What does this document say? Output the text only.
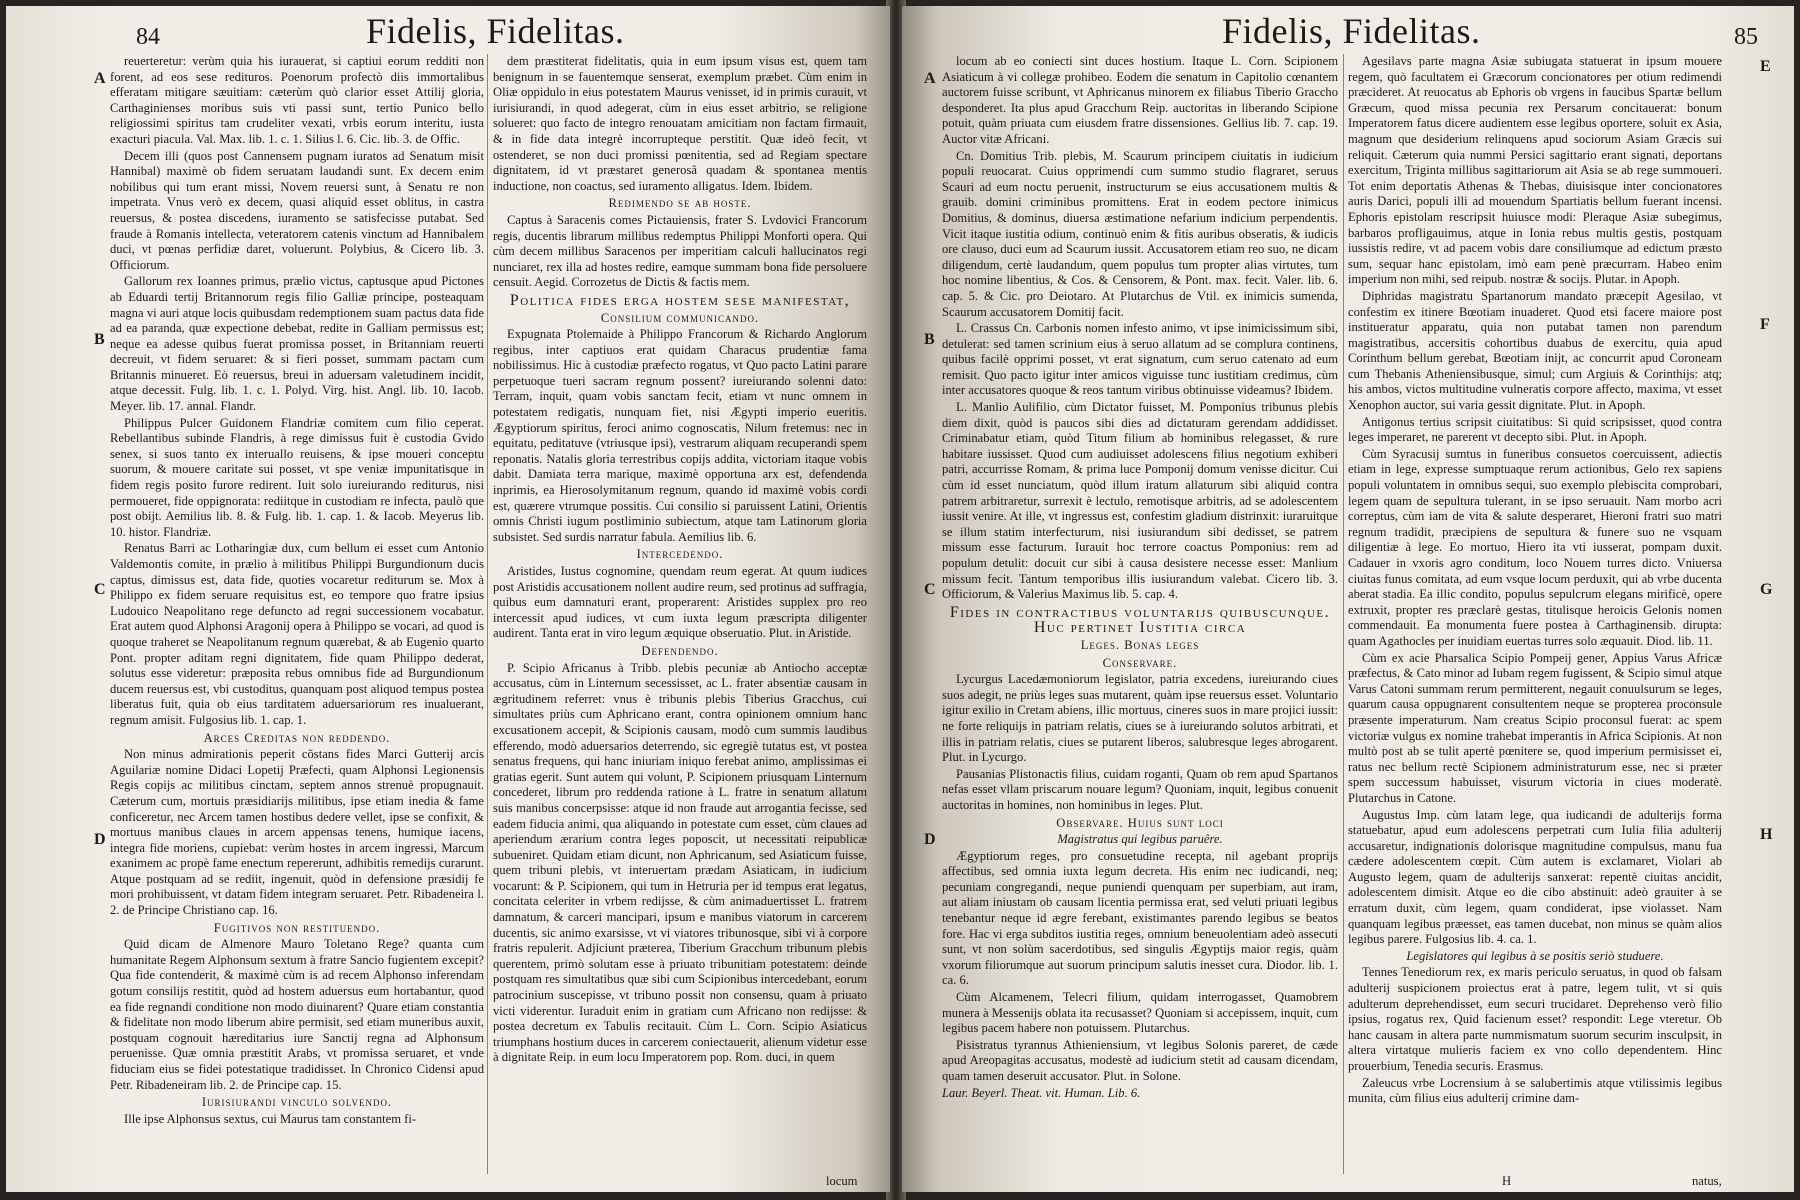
84	Fidelis, Fidelitas.
A
B
C
D

reuerteretur: verùm quia his iurauerat, si captiui eorum redditi non forent, ad eos sese redituros. Poenorum profectò diis immortalibus efferatam mitigare sæuitiam: cæterùm quò clarior esset Attilij gloria, Carthaginienses moribus suis vti passi sunt, tertio Punico bello religiossimi spiritus tam crudeliter vexati, vrbis eorum interitu, iusta exacturi piacula. Val. Max. lib. 1. c. 1. Silius l. 6. Cic. lib. 3. de Offic.

Decem illi (quos post Cannensem pugnam iuratos ad Senatum misit Hannibal) maximè ob fidem seruatam laudandi sunt. Ex decem enim nobilibus qui tum erant missi, Novem reuersi sunt, à Senatu re non impetrata. Vnus verò ex decem, quasi aliquid esset oblitus, in castra reuersus, & postea discedens, iuramento se satisfecisse putabat. Sed fraude à Romanis intellecta, veteratorem catenis vinctum ad Hannibalem duci, vt pœnas perfidiæ daret, voluerunt. Polybius, & Cicero lib. 3. Officiorum.

Gallorum rex Ioannes primus, prælio victus, captusque apud Pictones ab Eduardi tertij Britannorum regis filio Galliæ principe, posteaquam magna vi auri atque locis quibusdam redemptionem suam pactus data fide ad ea paranda, quæ expectione debebat, redite in Galliam permissus est; neque ea adesse quibus fuerat promissa posset, in Britanniam reuerti decreuit, vt fidem seruaret: & si fieri posset, summam pactam cum Britannis minueret. Eò reuersus, breui in aduersam valetudinem incidit, atque decessit. Fulg. lib. 1. c. 1. Polyd. Virg. hist. Angl. lib. 10. Iacob. Meyer. lib. 17. annal. Flandr.

Philippus Pulcer Guidonem Flandriæ comitem cum filio ceperat. Rebellantibus subinde Flandris, à rege dimissus fuit è custodia Gvido senex, si suos tanto ex interuallo reuisens, & ipse moueri conceptu suorum, & mouere caritate sui posset, vt spe veniæ impunitatisque in fidem regis posito furore redirent. Iuit solo iureiurando rediturus, nisi permoueret, fide oppignorata: rediitque in custodiam re infecta, paulò que post obijt. Aemilius lib. 8. & Fulg. lib. 1. cap. 1. & Iacob. Meyerus lib. 10. histor. Flandriæ.

Renatus Barri ac Lotharingiæ dux, cum bellum ei esset cum Antonio Valdemontis comite, in prælio à militibus Philippi Burgundionum ducis captus, dimissus est, data fide, quoties vocaretur rediturum se. Mox à Philippo ex fidem seruare requisitus est, eo tempore quo fratre ipsius Ludouico Neapolitano rege defuncto ad regni successionem vocabatur. Erat autem quod Alphonsi Aragonij opera à Philippo se vocari, ad quod is quoque traheret se Neapolitanum regnum quærebat, & ab Eugenio quarto Pont. propter aditam regni dignitatem, fide quam Philippo dederat, solutus esse videretur: præposita rebus omnibus fide ad Burgundionum ducem reuersus est, vbi custoditus, quanquam post aliquod tempus postea liberatus fuit, quia ob eius tarditatem aduersariorum res inualuerant, regnum amisit. Fulgosius lib. 1. cap. 1.

Arces Creditas non reddendo.

Non minus admirationis peperit cõstans fides Marci Gutterij arcis Aguilariæ nomine Didaci Lopetij Præfecti, quam Alphonsi Legionensis Regis copijs ac militibus cinctam, septem annos strenuè propugnauit. Cæterum cum, mortuis præsidiarijs militibus, ipse etiam inedia & fame conficeretur, nec Arcem tamen hostibus dedere vellet, ipse se confixit, & mortuus manibus claues in arcem appensas tenens, humique iacens, integra fide moriens, cupiebat: verùm hostes in arcem ingressi, Marcum exanimem ac propè fame enectum repererunt, adhibitis remedijs curarunt. Atque postquam ad se rediit, ingenuit, quòd in defensione præsidij fe mori prohibuissent, vt datam fidem integram seruaret. Petr. Ribadeneira l. 2. de Principe Christiano cap. 16.

Fugitivos non restituendo.

Quid dicam de Almenore Mauro Toletano Rege? quanta cum humanitate Regem Alphonsum sextum à fratre Sancio fugientem excepit? Qua fide contenderit, & maximè cùm is ad recem Alphonso inferendam gotum consilijs restitit, quòd ad hostem aduersus eum hortabantur, quod ea fide regnandi conditione non modo diuinarent? Quare etiam constantia & fidelitate non modo liberum abire permisit, sed etiam muneribus auxit, postquam cognouit hæreditarius iure Sanctij regna ad Alphonsum peruenisse. Quæ omnia præstitit Arabs, vt promissa seruaret, et vnde fiduciam eius se fidei potestatique tradidisset. In Chronico Cidensi apud Petr. Ribadeneiram lib. 2. de Principe cap. 15.

Iurisiurandi vinculo solvendo.

Ille ipse Alphonsus sextus, cui Maurus tam constantem fi-

dem præstiterat fidelitatis, quia in eum ipsum visus est, quem tam benignum in se fauentemque senserat, exemplum præbet. Cùm enim in Oliæ oppidulo in eius potestatem Maurus venisset, id in primis curauit, vt iurisiurandi, in quod adegerat, cùm in eius esset arbitrio, se religione solueret: quo facto de integro renouatam amicitiam non factam firmauit, & in fide data integrè incorrupteque perstitit. Quæ ideò fecit, vt ostenderet, se non duci promissi pœnitentia, sed ad Regiam spectare dignitatem, id vt præstaret generosâ quadam & spontanea mentis inductione, non coactus, sed iuramento alligatus. Idem. Ibidem.

Redimendo se ab hoste.

Captus à Saracenis comes Pictauiensis, frater S. Lvdovici Francorum regis, ducentis librarum millibus redemptus Philippi Monforti opera. Qui cùm decem millibus Saracenos per imperitiam calculi hallucinatos regi nunciaret, rex illa ad hostes redire, eamque summam bona fide persoluere censuit. Aegid. Corrozetus de Dictis & factis mem.

Politica fides erga hostem sese manifestat,

Consilium communicando.

Expugnata Ptolemaide à Philippo Francorum & Richardo Anglorum regibus, inter captiuos erat quidam Characus prudentiæ fama nobilissimus. Hic à custodiæ præfecto rogatus, vt Quo pacto Latini parare perpetuoque tueri sacram regnum possent? iureiurando solenni dato: Terram, inquit, quam vobis sanctam fecit, etiam vt nunc omnem in potestatem redigatis, nunquam fiet, nisi Ægypti imperio eueritis. Ægyptiorum spiritus, feroci animo cognoscatis, Nilum fretemus: nec in equitatu, peditatuve (vtriusque ipsi), vestrarum aliquam recuperandi spem reponatis. Natalis gloria terrestribus copijs addita, victoriam itaque vobis dabit. Damiata terra marique, maximè opportuna arx est, defendenda inprimis, ea Hierosolymitanum regnum, quando id maximè vobis cordi est, quærere vtrumque possitis. Cui consilio si paruissent Latini, Orientis omnis Christi iugum postliminio subiectum, atque tam Latinorum gloria subsistet. Sed surdis narratur fabula. Aemilius lib. 6.

Intercedendo.

Aristides, Iustus cognomine, quendam reum egerat. At quum iudices post Aristidis accusationem nollent audire reum, sed protinus ad suffragia, quibus eum damnaturi erant, properarent: Aristides supplex pro reo intercessit apud iudices, vt cum iuxta legum præscripta diligenter audirent. Tanta erat in viro legum æquique obseruatio. Plut. in Aristide.

Defendendo.

P. Scipio Africanus à Tribb. plebis pecuniæ ab Antiocho acceptæ accusatus, cùm in Linternum secessisset, ac L. frater absentiæ causam in ægritudinem referret: vnus è tribunis plebis Tiberius Gracchus, cui simultates priùs cum Aphricano erant, contra opinionem omnium hanc excusationem accepit, & Scipionis causam, modò cum summis laudibus efferendo, modò aduersarios deterrendo, sic egregiè tutatus est, vt postea senatus frequens, qui hanc iniuriam iniquo ferebat animo, amplissimas ei gratias egerit. Sunt autem qui volunt, P. Scipionem priusquam Linternum concederet, librum pro reddenda ratione à L. fratre in senatum allatum suis manibus concerpsisse: atque id non fraude aut arrogantia fecisse, sed eadem fiducia animi, qua aliquando in potestate cum esset, cùm claues ad aperiendum ærarium contra leges poposcit, ut necessitati reipublicæ subueniret. Quidam etiam dicunt, non Aphricanum, sed Asiaticum fuisse, quem tribuni plebis, vt interuertam prædam Asiaticam, in iudicium vocarunt: & P. Scipionem, qui tum in Hetruria per id tempus erat legatus, concitata celeriter in vrbem redijsse, & cùm animaduertisset L. fratrem damnatum, & carceri mancipari, ipsum e manibus viatorum in carcerem ducentis, sic animo exarsisse, vt vi viatores tribunosque, sibi vi à corpore fratris repulerit. Adjiciunt præterea, Tiberium Gracchum tribunum plebis querentem, primò solutam esse à priuato tribunitiam potestatem: deinde postquam res simultatibus quæ sibi cum Scipionibus intercedebant, eorum patrocinium suscepisse, vt tribuno possit non consensu, quam à priuato victi viderentur. Iuraduit enim in gratiam cum Africano non redijsse: & postea decretum ex Tabulis recitauit. Cùm L. Corn. Scipio Asiaticus triumphans hostium duces in carcerem coniectauerit, alienum videtur esse à dignitate Reip. in eum locu Imperatorem pop. Rom. duci, in quem

locum
Fidelis, Fidelitas.	85
A
B
C
D
E
F
G
H

locum ab eo coniecti sint duces hostium. Itaque L. Corn. Scipionem Asiaticum à vi collegæ prohibeo. Eodem die senatum in Capitolio cœnantem auctorem fuisse scribunt, vt Aphricanus minorem ex filiabus Tiberio Graccho desponderet. Ita plus apud Gracchum Reip. auctoritas in liberando Scipione potuit, quàm priuata cum eiusdem fratre dissensiones. Gellius lib. 7. cap. 19. Auctor vitæ Africani.

Cn. Domitius Trib. plebis, M. Scaurum principem ciuitatis in iudicium populi reuocarat. Cuius opprimendi cum summo studio flagraret, seruus Scauri ad eum noctu peruenit, instructurum se eius accusationem multis & grauib. domini criminibus promittens. Erat in eodem pectore inimicus Domitius, & dominus, diuersa æstimatione nefarium indicium perpendentis. Vicit itaque iustitia odium, continuò enim & fitis auribus obseratis, & iudicis ore clauso, duci eum ad Scaurum iussit. Accusatorem etiam reo suo, ne dicam diligendum, certè laudandum, quem populus tum propter alias virtutes, tum hoc nomine libentius, & Cos. & Censorem, & Pont. max. fecit. Valer. lib. 6. cap. 5. & Cic. pro Deiotaro. At Plutarchus de Vtil. ex inimicis sumenda, Scaurum accusatorem Domitij facit.

L. Crassus Cn. Carbonis nomen infesto animo, vt ipse inimicissimum sibi, detulerat: sed tamen scrinium eius à seruo allatum ad se complura continens, quibus facilè opprimi posset, vt erat signatum, cum seruo catenato ad eum remisit. Quo pacto igitur inter amicos viguisse tunc iustitiam credimus, cùm inter accusatores quoque & reos tantum viribus obtinuisse videamus? Ibidem.

L. Manlio Aulifilio, cùm Dictator fuisset, M. Pomponius tribunus plebis diem dixit, quòd is paucos sibi dies ad dictaturam gerendam addidisset. Criminabatur etiam, quòd Titum filium ab hominibus relegasset, & rure habitare iussisset. Quod cum audiuisset adolescens filius negotium exhiberi patri, accurrisse Romam, & prima luce Pomponij domum venisse dicitur. Cui cùm id esset nunciatum, quòd illum iratum allaturum sibi aliquid contra patrem arbitraretur, surrexit è lectulo, remotisque arbitris, ad se adolescentem iussit venire. At ille, vt ingressus est, confestim gladium distrinxit: iuraruitque se illum statim interfecturum, nisi iusiurandum sibi dedisset, se patrem missum esse facturum. Iurauit hoc terrore coactus Pomponius: rem ad populum detulit: docuit cur sibi à causa desistere necesse esset: Manlium missum fecit. Tantum temporibus illis iusiurandum valebat. Cicero lib. 3. Officiorum, & Valerius Maximus lib. 5. cap. 4.

Fides in contractibus voluntarijs quibuscunque. Huc pertinet Iustitia circa

Leges. Bonas leges

Conservare.

Lycurgus Lacedæmoniorum legislator, patria excedens, iureiurando ciues suos adegit, ne priùs leges suas mutarent, quàm ipse reuersus esset. Voluntario igitur exilio in Cretam abiens, illic mortuus, cineres suos in mare projici iussit: ne forte reliquijs in patriam relatis, ciues se à iureiurando solutos arbitrati, et illis in patriam relatis, ciues se putarent liberos, salubresque leges abrogarent. Plut. in Lycurgo.

Pausanias Plistonactis filius, cuidam roganti, Quam ob rem apud Spartanos nefas esset vllam priscarum nouare legum? Quoniam, inquit, legibus conuenit auctoritas in homines, non hominibus in leges. Plut.

Observare. Huius sunt loci

Magistratus qui legibus paruêre.

Ægyptiorum reges, pro consuetudine recepta, nil agebant proprijs affectibus, sed omnia iuxta legum decreta. His enim nec iudicandi, neq; pecuniam congregandi, neque puniendi quenquam per superbiam, aut iram, aut aliam iniustam ob causam licentia permissa erat, sed veluti priuati legibus tenebantur neque id ægre ferebant, existimantes parendo legibus se beatos fore. Hac vi erga subditos iustitia reges, omnium beneuolentiam adeò assecuti sunt, vt non solùm sacerdotibus, sed singulis Ægyptijs maior regis, quàm vxorum filiorumque aut suorum principum salutis inesset cura. Diodor. lib. 1. ca. 6.

Cùm Alcamenem, Telecri filium, quidam interrogasset, Quamobrem munera à Messenijs oblata ita recusasset? Quoniam si accepissem, inquit, cum legibus pacem habere non potuissem. Plutarchus.

Pisistratus tyrannus Athieniensium, vt legibus Solonis pareret, de cæde apud Areopagitas accusatus, modestè ad iudicium stetit ad causam dicendam, quam tamen deseruit accusator. Plut. in Solone.

Laur. Beyerl. Theat. vit. Human. Lib. 6.

Agesilavs parte magna Asiæ subiugata statuerat in ipsum mouere regem, quò facultatem ei Græcorum concionatores per otium redimendi præcideret. At reuocatus ab Ephoris ob vrgens in faucibus Spartæ bellum Græcum, quod missa pecunia rex Persarum concitauerat: bonum Imperatorem fatus dicere audientem esse legibus oportere, soluit ex Asia, magnum que desiderium relinquens apud sociorum Asiam Græcis sui reliquit. Cæterum quia nummi Persici sagittario erant signati, deportans exercitum, Triginta millibus sagittariorum ait Asia se ab rege summoueri. Tot enim deportatis Athenas & Thebas, diuisisque inter concionatores auris Darici, populi illi ad mouendum Spartiatis bellum fuerant incensi. Ephoris epistolam rescripsit huiusce modi: Pleraque Asiæ subegimus, barbaros profligauimus, atque in Ionia rebus multis gestis, postquam iussistis redire, vt ad pacem vobis dare consiliumque ad edictum præsto sum, sequar hanc epistolam, imò eam penè præcurram. Habeo enim imperium non mihi, sed reipub. nostræ & socijs. Plutar. in Apoph.

Diphridas magistratu Spartanorum mandato præcepit Agesilao, vt confestim ex itinere Bœotiam inuaderet. Quod etsi facere maiore post institueratur apparatu, quia non putabat tamen non parendum magistratibus, accersitis cohortibus duabus de exercitu, quia apud Corinthum bellum gerebat, Bœotiam inijt, ac concurrit apud Coroneam cum Thebanis Atheniensibusque, simul; cum Argiuis & Corinthijs: atq; his ambos, victos multitudine vulneratis corpore affecto, maxima, vt esset Xenophon auctor, sui varia gessit dignitate. Plut. in Apoph.

Antigonus tertius scripsit ciuitatibus: Si quid scripsisset, quod contra leges imperaret, ne parerent vt decepto sibi. Plut. in Apoph.

Cùm Syracusij sumtus in funeribus consuetos coercuissent, adiectis etiam in lege, expresse sumptuaque rerum actionibus, Gelo rex sapiens populi voluntatem in omnibus sequi, suo exemplo plebiscita comprobari, legem quam de sepultura tulerant, in se ipso seruauit. Nam morbo acri correptus, cùm iam de vita & salute desperaret, Hieroni fratri suo matri regnum tradidit, præcipiens de sepultura & funere suo ne vsquam diligentiæ à lege. Eo mortuo, Hiero ita vti iusserat, pompam duxit. Cadauer in vxoris agro conditum, loco Nouem turres dicto. Vniuersa ciuitas funus comitata, ad eum vsque locum perduxit, qui ab vrbe ducenta aberat stadia. Ea illic condito, populus sepulcrum elegans mirificè, opere extruxit, propter res præclarè gestas, titulisque heroicis Gelonis nomen commendauit. Ea monumenta fuere postea à Carthaginensib. dirupta: quam Agathocles per inuidiam euertas turres solo æquauit. Diod. lib. 11.

Cùm ex acie Pharsalica Scipio Pompeij gener, Appius Varus Africæ præfectus, & Cato minor ad Iubam regem fugissent, & Scipio simul atque Varus Catoni summam rerum permitterent, negauit conuulsurum se leges, quarum causa oppugnarent consultentem neque se propterea proconsule præsente imperaturum. Nam creatus Scipio proconsul fuerat: ac spem victoriæ vulgus ex nomine trahebat imperantis in Africa Scipionis. At non multò post ab se tulit apertè pœnitere se, quod imperium permisisset ei, ratus nec bellum rectè Scipionem administraturum esse, nec si præter spem successum habuisset, visurum victoria in ciues moderatè. Plutarchus in Catone.

Augustus Imp. cùm latam lege, qua iudicandi de adulterijs forma statuebatur, apud eum adolescens perpetrati cum Iulia filia adulterij accusaretur, indignationis dolorisque magnitudine compulsus, manu fua cædere adolescentem cœpit. Cùm autem is exclamaret, Violari ab Augusto legem, quam de adulterijs sanxerat: repentè ciuitas ancidit, adolescentem dimisit. Atque eo die cibo abstinuit: adeò grauiter à se erratum duxit, cùm legem, quam condiderat, ipse violasset. Nam quanquam legibus præesset, eas tamen ducebat, non minus se quàm alios legibus parere. Fulgosius lib. 4. ca. 1.

Legislatores qui legibus à se positis seriò studuere.

Tennes Tenediorum rex, ex maris periculo seruatus, in quod ob falsam adulterij suspicionem proiectus erat à patre, legem tulit, vt si quis adulterum deprehendisset, eum securi trucidaret. Deprehenso verò filio ipsius, rogatus rex, Quid facienum esset? respondit: Lege vteretur. Ob hanc causam in altera parte nummismatum suorum securim insculpsit, in altera virtatque mulieris faciem ex vno collo dependentem. Hinc prouerbium, Tenedia securis. Erasmus.

Zaleucus vrbe Locrensium à se salubertimis atque vtilissimis legibus munita, cùm filius eius adulterij crimine dam-

H	natus,
